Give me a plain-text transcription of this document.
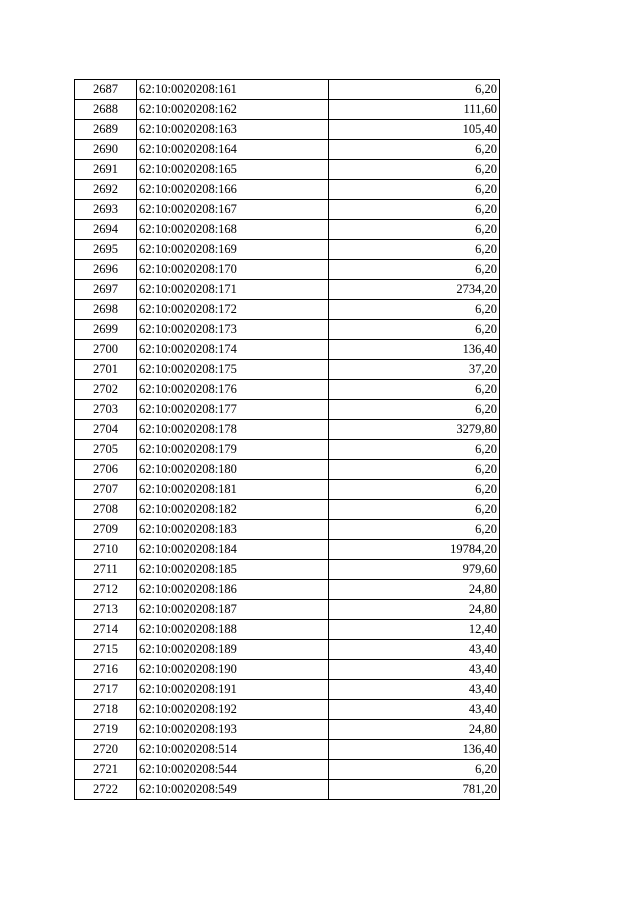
2687	62:10:0020208:161	6,20
2688	62:10:0020208:162	111,60
2689	62:10:0020208:163	105,40
2690	62:10:0020208:164	6,20
2691	62:10:0020208:165	6,20
2692	62:10:0020208:166	6,20
2693	62:10:0020208:167	6,20
2694	62:10:0020208:168	6,20
2695	62:10:0020208:169	6,20
2696	62:10:0020208:170	6,20
2697	62:10:0020208:171	2734,20
2698	62:10:0020208:172	6,20
2699	62:10:0020208:173	6,20
2700	62:10:0020208:174	136,40
2701	62:10:0020208:175	37,20
2702	62:10:0020208:176	6,20
2703	62:10:0020208:177	6,20
2704	62:10:0020208:178	3279,80
2705	62:10:0020208:179	6,20
2706	62:10:0020208:180	6,20
2707	62:10:0020208:181	6,20
2708	62:10:0020208:182	6,20
2709	62:10:0020208:183	6,20
2710	62:10:0020208:184	19784,20
2711	62:10:0020208:185	979,60
2712	62:10:0020208:186	24,80
2713	62:10:0020208:187	24,80
2714	62:10:0020208:188	12,40
2715	62:10:0020208:189	43,40
2716	62:10:0020208:190	43,40
2717	62:10:0020208:191	43,40
2718	62:10:0020208:192	43,40
2719	62:10:0020208:193	24,80
2720	62:10:0020208:514	136,40
2721	62:10:0020208:544	6,20
2722	62:10:0020208:549	781,20
